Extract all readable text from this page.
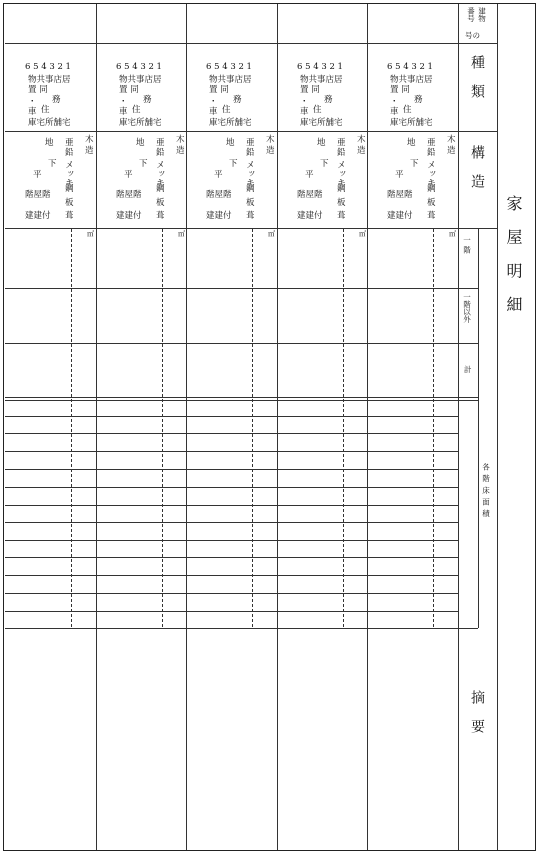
家屋明細
建物
番号
号の
種類
構造
一 階
一階以外
計
各階床面積
摘要
6 5 4 3 2 1
物共事店居
置 同
務
・
住
車
庫宅所舗宅
地 亜 木
造
鉛
下 メッキ
平
鋼
階屋階
板
建建付 葺
㎡
6 5 4 3 2 1
物共事店居
置 同
務
・
住
車
庫宅所舗宅
地 亜 木
造
鉛
下 メッキ
平
鋼
階屋階
板
建建付 葺
㎡
6 5 4 3 2 1
物共事店居
置 同
務
・
住
車
庫宅所舗宅
地 亜 木
造
鉛
下 メッキ
平
鋼
階屋階
板
建建付 葺
㎡
6 5 4 3 2 1
物共事店居
置 同
務
・
住
車
庫宅所舗宅
地 亜 木
造
鉛
下 メッキ
平
鋼
階屋階
板
建建付 葺
㎡
6 5 4 3 2 1
物共事店居
置 同
務
・
住
車
庫宅所舗宅
地 亜 木
造
鉛
下 メッキ
平
鋼
階屋階
板
建建付 葺
㎡
